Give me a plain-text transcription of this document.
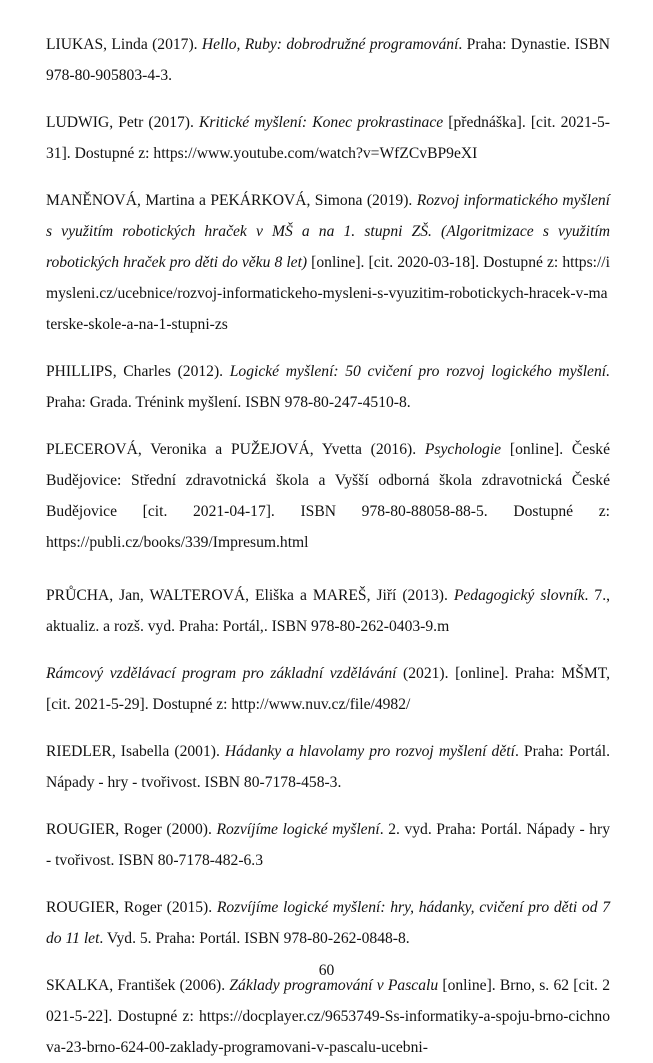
LIUKAS, Linda (2017). Hello, Ruby: dobrodružné programování. Praha: Dynastie. ISBN 978-80-905803-4-3.

LUDWIG, Petr (2017). Kritické myšlení: Konec prokrastinace [přednáška]. [cit. 2021-5-31]. Dostupné z: https://www.youtube.com/watch?v=WfZCvBP9eXI

MANĚNOVÁ, Martina a PEKÁRKOVÁ, Simona (2019). Rozvoj informatického myšlení s využitím robotických hraček v MŠ a na 1. stupni ZŠ. (Algoritmizace s využitím robotických hraček pro děti do věku 8 let) [online]. [cit. 2020-03-18]. Dostupné z: https://imysleni.cz/ucebnice/rozvoj-informatickeho-mysleni-s-vyuzitim-robotickych-hracek-v-materske-skole-a-na-1-stupni-zs

PHILLIPS, Charles (2012). Logické myšlení: 50 cvičení pro rozvoj logického myšlení. Praha: Grada. Trénink myšlení. ISBN 978-80-247-4510-8.

PLECEROVÁ, Veronika a PUŽEJOVÁ, Yvetta (2016). Psychologie [online]. České Budějovice: Střední zdravotnická škola a Vyšší odborná škola zdravotnická České Budějovice [cit. 2021-04-17]. ISBN 978-80-88058-88-5. Dostupné z: https://publi.cz/books/339/Impresum.html

PRŮCHA, Jan, WALTEROVÁ, Eliška a MAREŠ, Jiří (2013). Pedagogický slovník. 7., aktualiz. a rozš. vyd. Praha: Portál,. ISBN 978-80-262-0403-9.m

Rámcový vzdělávací program pro základní vzdělávání (2021). [online]. Praha: MŠMT, [cit. 2021-5-29]. Dostupné z: http://www.nuv.cz/file/4982/

RIEDLER, Isabella (2001). Hádanky a hlavolamy pro rozvoj myšlení dětí. Praha: Portál. Nápady - hry - tvořivost. ISBN 80-7178-458-3.

ROUGIER, Roger (2000). Rozvíjíme logické myšlení. 2. vyd. Praha: Portál. Nápady - hry - tvořivost. ISBN 80-7178-482-6.3

ROUGIER, Roger (2015). Rozvíjíme logické myšlení: hry, hádanky, cvičení pro děti od 7 do 11 let. Vyd. 5. Praha: Portál. ISBN 978-80-262-0848-8.

SKALKA, František (2006). Základy programování v Pascalu [online]. Brno, s. 62 [cit. 2021-5-22]. Dostupné z: https://docplayer.cz/9653749-Ss-informatiky-a-spoju-brno-cichnova-23-brno-624-00-zaklady-programovani-v-pascalu-ucebni-

60
